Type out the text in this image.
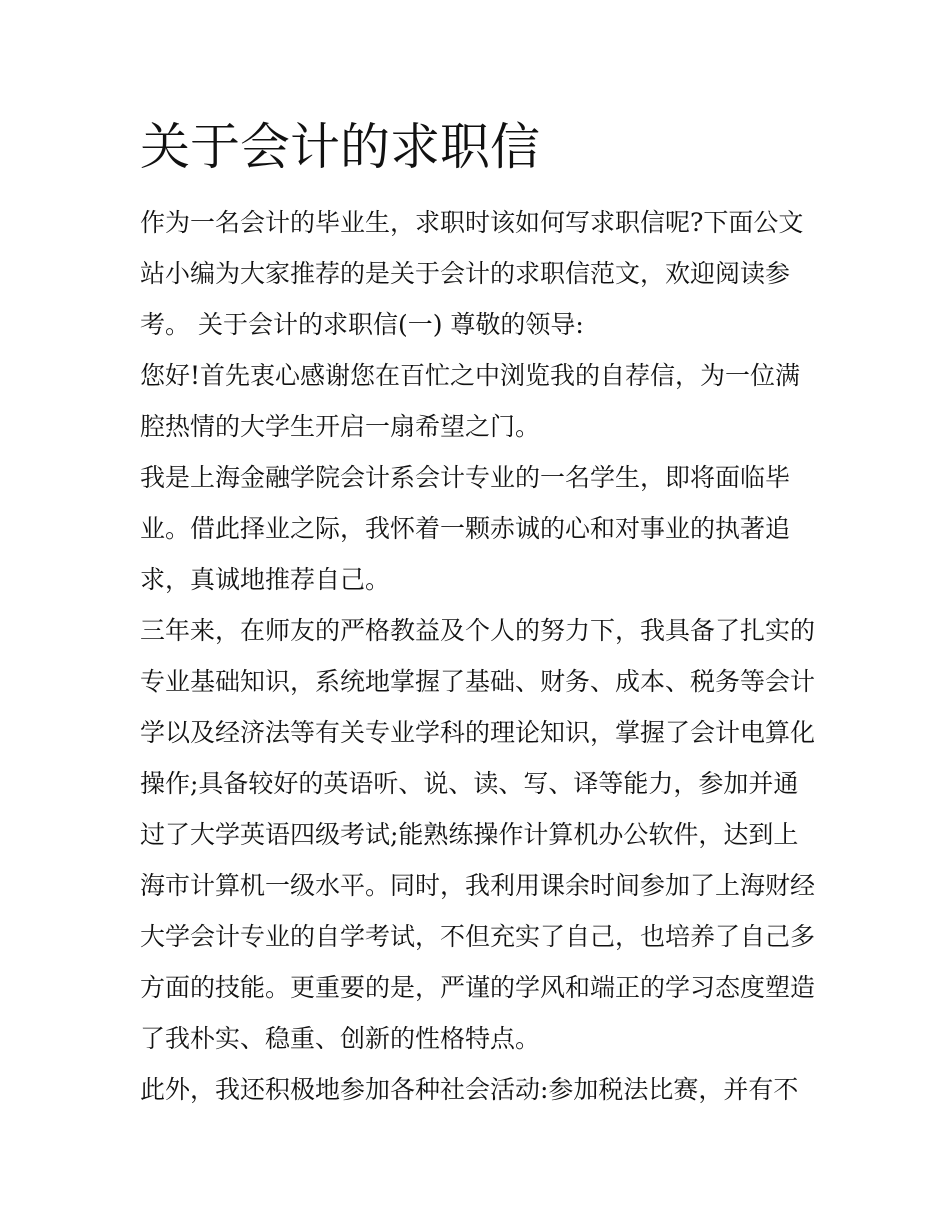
关于会计的求职信
作为一名会计的毕业生，求职时该如何写求职信呢?下面公文
站小编为大家推荐的是关于会计的求职信范文，欢迎阅读参
考。 关于会计的求职信(一) 尊敬的领导:
您好!首先衷心感谢您在百忙之中浏览我的自荐信，为一位满
腔热情的大学生开启一扇希望之门。
我是上海金融学院会计系会计专业的一名学生，即将面临毕
业。借此择业之际，我怀着一颗赤诚的心和对事业的执著追
求，真诚地推荐自己。
三年来，在师友的严格教益及个人的努力下，我具备了扎实的
专业基础知识，系统地掌握了基础、财务、成本、税务等会计
学以及经济法等有关专业学科的理论知识，掌握了会计电算化
操作;具备较好的英语听、说、读、写、译等能力，参加并通
过了大学英语四级考试;能熟练操作计算机办公软件，达到上
海市计算机一级水平。同时，我利用课余时间参加了上海财经
大学会计专业的自学考试，不但充实了自己，也培养了自己多
方面的技能。更重要的是，严谨的学风和端正的学习态度塑造
了我朴实、稳重、创新的性格特点。
此外，我还积极地参加各种社会活动:参加税法比赛，并有不
